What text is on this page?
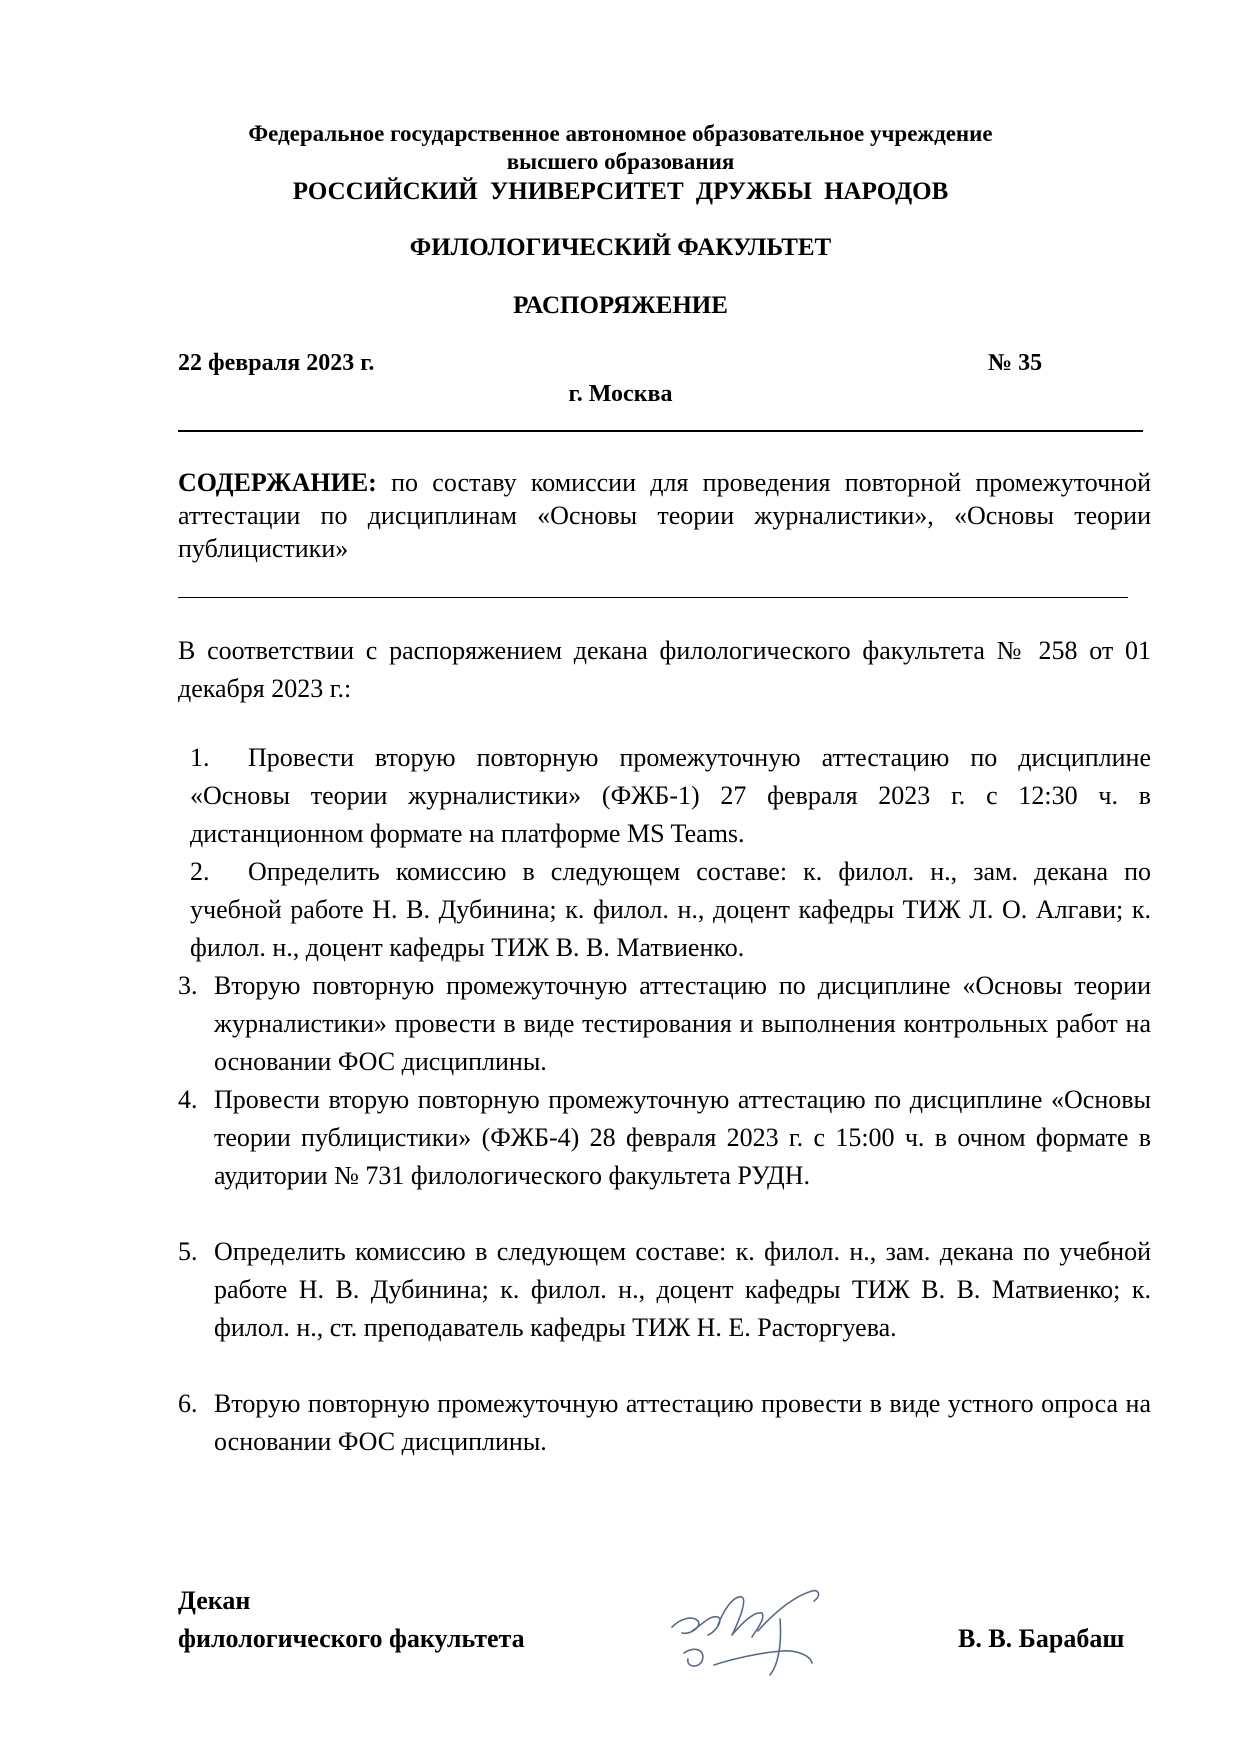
Федеральное государственное автономное образовательное учреждение
высшего образования
РОССИЙСКИЙ УНИВЕРСИТЕТ ДРУЖБЫ НАРОДОВ
ФИЛОЛОГИЧЕСКИЙ ФАКУЛЬТЕТ
РАСПОРЯЖЕНИЕ
22 февраля 2023 г.	№ 35
г. Москва
СОДЕРЖАНИЕ: по составу комиссии для проведения повторной промежуточной аттестации по дисциплинам «Основы теории журналистики», «Основы теории публицистики»
В соответствии с распоряжением декана филологического факультета № 258 от 01 декабря 2023 г.:
1. Провести вторую повторную промежуточную аттестацию по дисциплине «Основы теории журналистики» (ФЖБ-1) 27 февраля 2023 г. с 12:30 ч. в дистанционном формате на платформе MS Teams.
2. Определить комиссию в следующем составе: к. филол. н., зам. декана по учебной работе Н. В. Дубинина; к. филол. н., доцент кафедры ТИЖ Л. О. Алгави; к. филол. н., доцент кафедры ТИЖ В. В. Матвиенко.
3. Вторую повторную промежуточную аттестацию по дисциплине «Основы теории журналистики» провести в виде тестирования и выполнения контрольных работ на основании ФОС дисциплины.
4. Провести вторую повторную промежуточную аттестацию по дисциплине «Основы теории публицистики» (ФЖБ-4) 28 февраля 2023 г. с 15:00 ч. в очном формате в аудитории № 731 филологического факультета РУДН.
5. Определить комиссию в следующем составе: к. филол. н., зам. декана по учебной работе Н. В. Дубинина; к. филол. н., доцент кафедры ТИЖ В. В. Матвиенко; к. филол. н., ст. преподаватель кафедры ТИЖ Н. Е. Расторгуева.
6. Вторую повторную промежуточную аттестацию провести в виде устного опроса на основании ФОС дисциплины.
Декан
филологического факультета	В. В. Барабаш
